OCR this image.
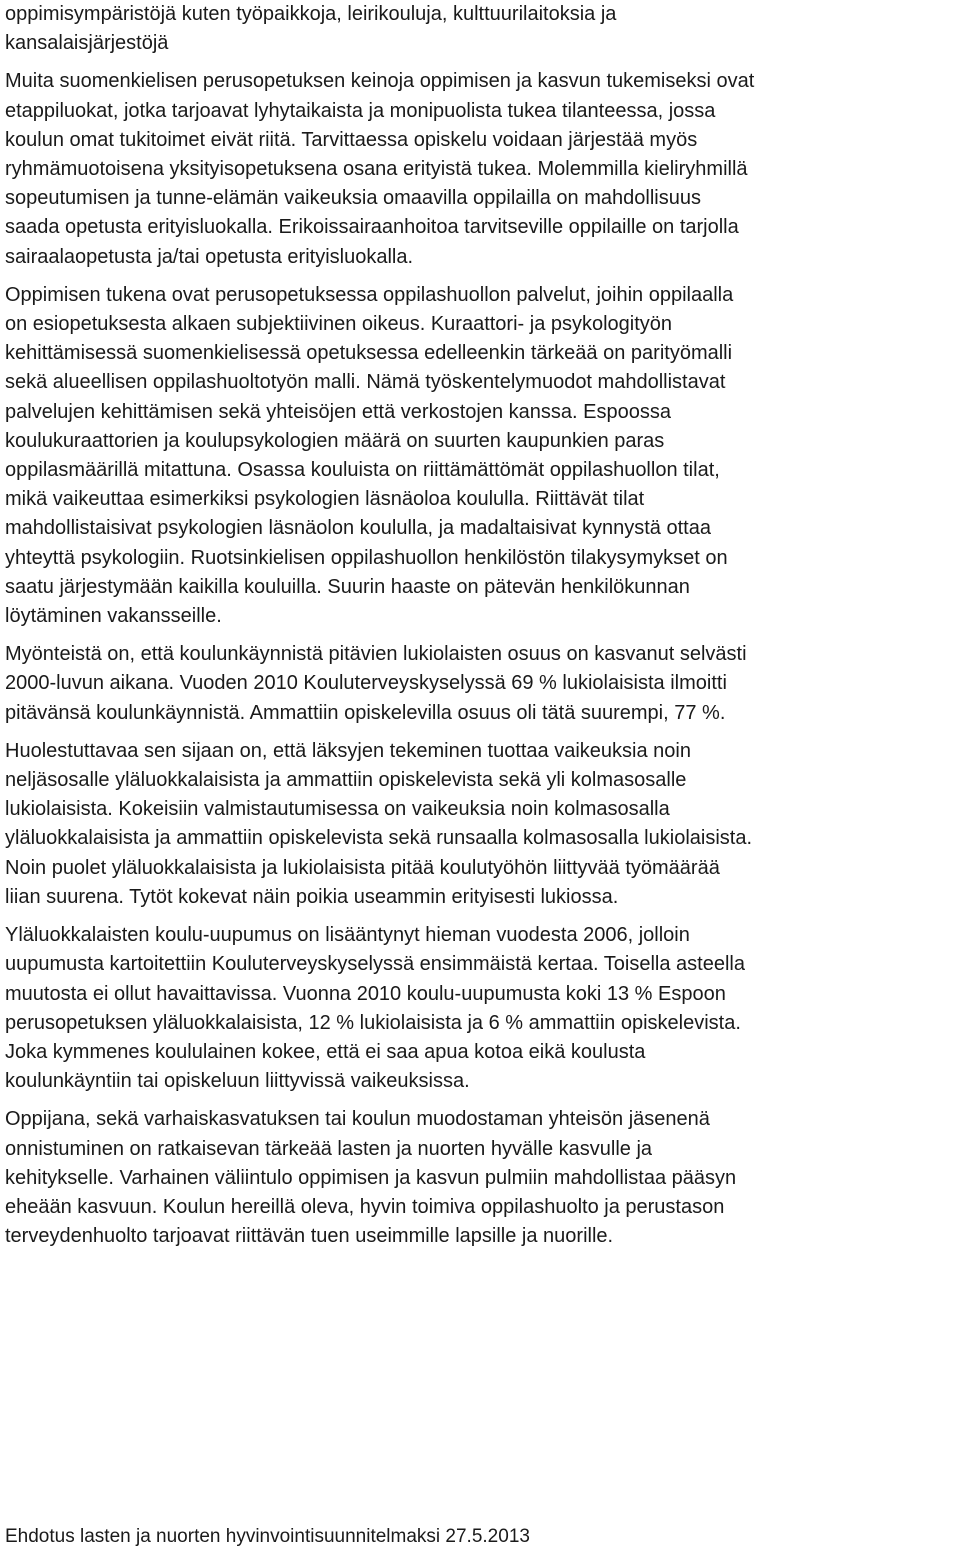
oppimisympäristöjä kuten työpaikkoja, leirikouluja, kulttuurilaitoksia ja
kansalaisjärjestöjä

Muita suomenkielisen perusopetuksen keinoja oppimisen ja kasvun tukemiseksi ovat
etappiluokat, jotka tarjoavat lyhytaikaista ja monipuolista tukea tilanteessa, jossa
koulun omat tukitoimet eivät riitä. Tarvittaessa opiskelu voidaan järjestää myös
ryhmämuotoisena yksityisopetuksena osana erityistä tukea. Molemmilla kieliryhmillä
sopeutumisen ja tunne-elämän vaikeuksia omaavilla oppilailla on mahdollisuus
saada opetusta erityisluokalla. Erikoissairaanhoitoa tarvitseville oppilaille on tarjolla
sairaalaopetusta ja/tai opetusta erityisluokalla.

Oppimisen tukena ovat perusopetuksessa oppilashuollon palvelut, joihin oppilaalla
on esiopetuksesta alkaen subjektiivinen oikeus. Kuraattori- ja psykologityön
kehittämisessä suomenkielisessä opetuksessa edelleenkin tärkeää on parityömalli
sekä alueellisen oppilashuoltotyön malli. Nämä työskentelymuodot mahdollistavat
palvelujen kehittämisen sekä yhteisöjen että verkostojen kanssa. Espoossa
koulukuraattorien ja koulupsykologien määrä on suurten kaupunkien paras
oppilasmäärillä mitattuna. Osassa kouluista on riittämättömät oppilashuollon tilat,
mikä vaikeuttaa esimerkiksi psykologien läsnäoloa koululla. Riittävät tilat
mahdollistaisivat psykologien läsnäolon koululla, ja madaltaisivat kynnystä ottaa
yhteyttä psykologiin. Ruotsinkielisen oppilashuollon henkilöstön tilakysymykset on
saatu järjestymään kaikilla kouluilla. Suurin haaste on pätevän henkilökunnan
löytäminen vakansseille.

Myönteistä on, että koulunkäynnistä pitävien lukiolaisten osuus on kasvanut selvästi
2000-luvun aikana. Vuoden 2010 Kouluterveyskyselyssä 69 % lukiolaisista ilmoitti
pitävänsä koulunkäynnistä. Ammattiin opiskelevilla osuus oli tätä suurempi, 77 %.

Huolestuttavaa sen sijaan on, että läksyjen tekeminen tuottaa vaikeuksia noin
neljäsosalle yläluokkalaisista ja ammattiin opiskelevista sekä yli kolmasosalle
lukiolaisista. Kokeisiin valmistautumisessa on vaikeuksia noin kolmasosalla
yläluokkalaisista ja ammattiin opiskelevista sekä runsaalla kolmasosalla lukiolaisista.
Noin puolet yläluokkalaisista ja lukiolaisista pitää koulutyöhön liittyvää työmäärää
liian suurena. Tytöt kokevat näin poikia useammin erityisesti lukiossa.

Yläluokkalaisten koulu-uupumus on lisääntynyt hieman vuodesta 2006, jolloin
uupumusta kartoitettiin Kouluterveyskyselyssä ensimmäistä kertaa. Toisella asteella
muutosta ei ollut havaittavissa. Vuonna 2010 koulu-uupumusta koki 13 % Espoon
perusopetuksen yläluokkalaisista, 12 % lukiolaisista ja 6 % ammattiin opiskelevista.
Joka kymmenes koululainen kokee, että ei saa apua kotoa eikä koulusta
koulunkäyntiin tai opiskeluun liittyvissä vaikeuksissa.

Oppijana, sekä varhaiskasvatuksen tai koulun muodostaman yhteisön jäsenenä
onnistuminen on ratkaisevan tärkeää lasten ja nuorten hyvälle kasvulle ja
kehitykselle. Varhainen väliintulo oppimisen ja kasvun pulmiin mahdollistaa pääsyn
eheään kasvuun. Koulun hereillä oleva, hyvin toimiva oppilashuolto ja perustason
terveydenhuolto tarjoavat riittävän tuen useimmille lapsille ja nuorille.

Ehdotus lasten ja nuorten hyvinvointisuunnitelmaksi 27.5.2013
